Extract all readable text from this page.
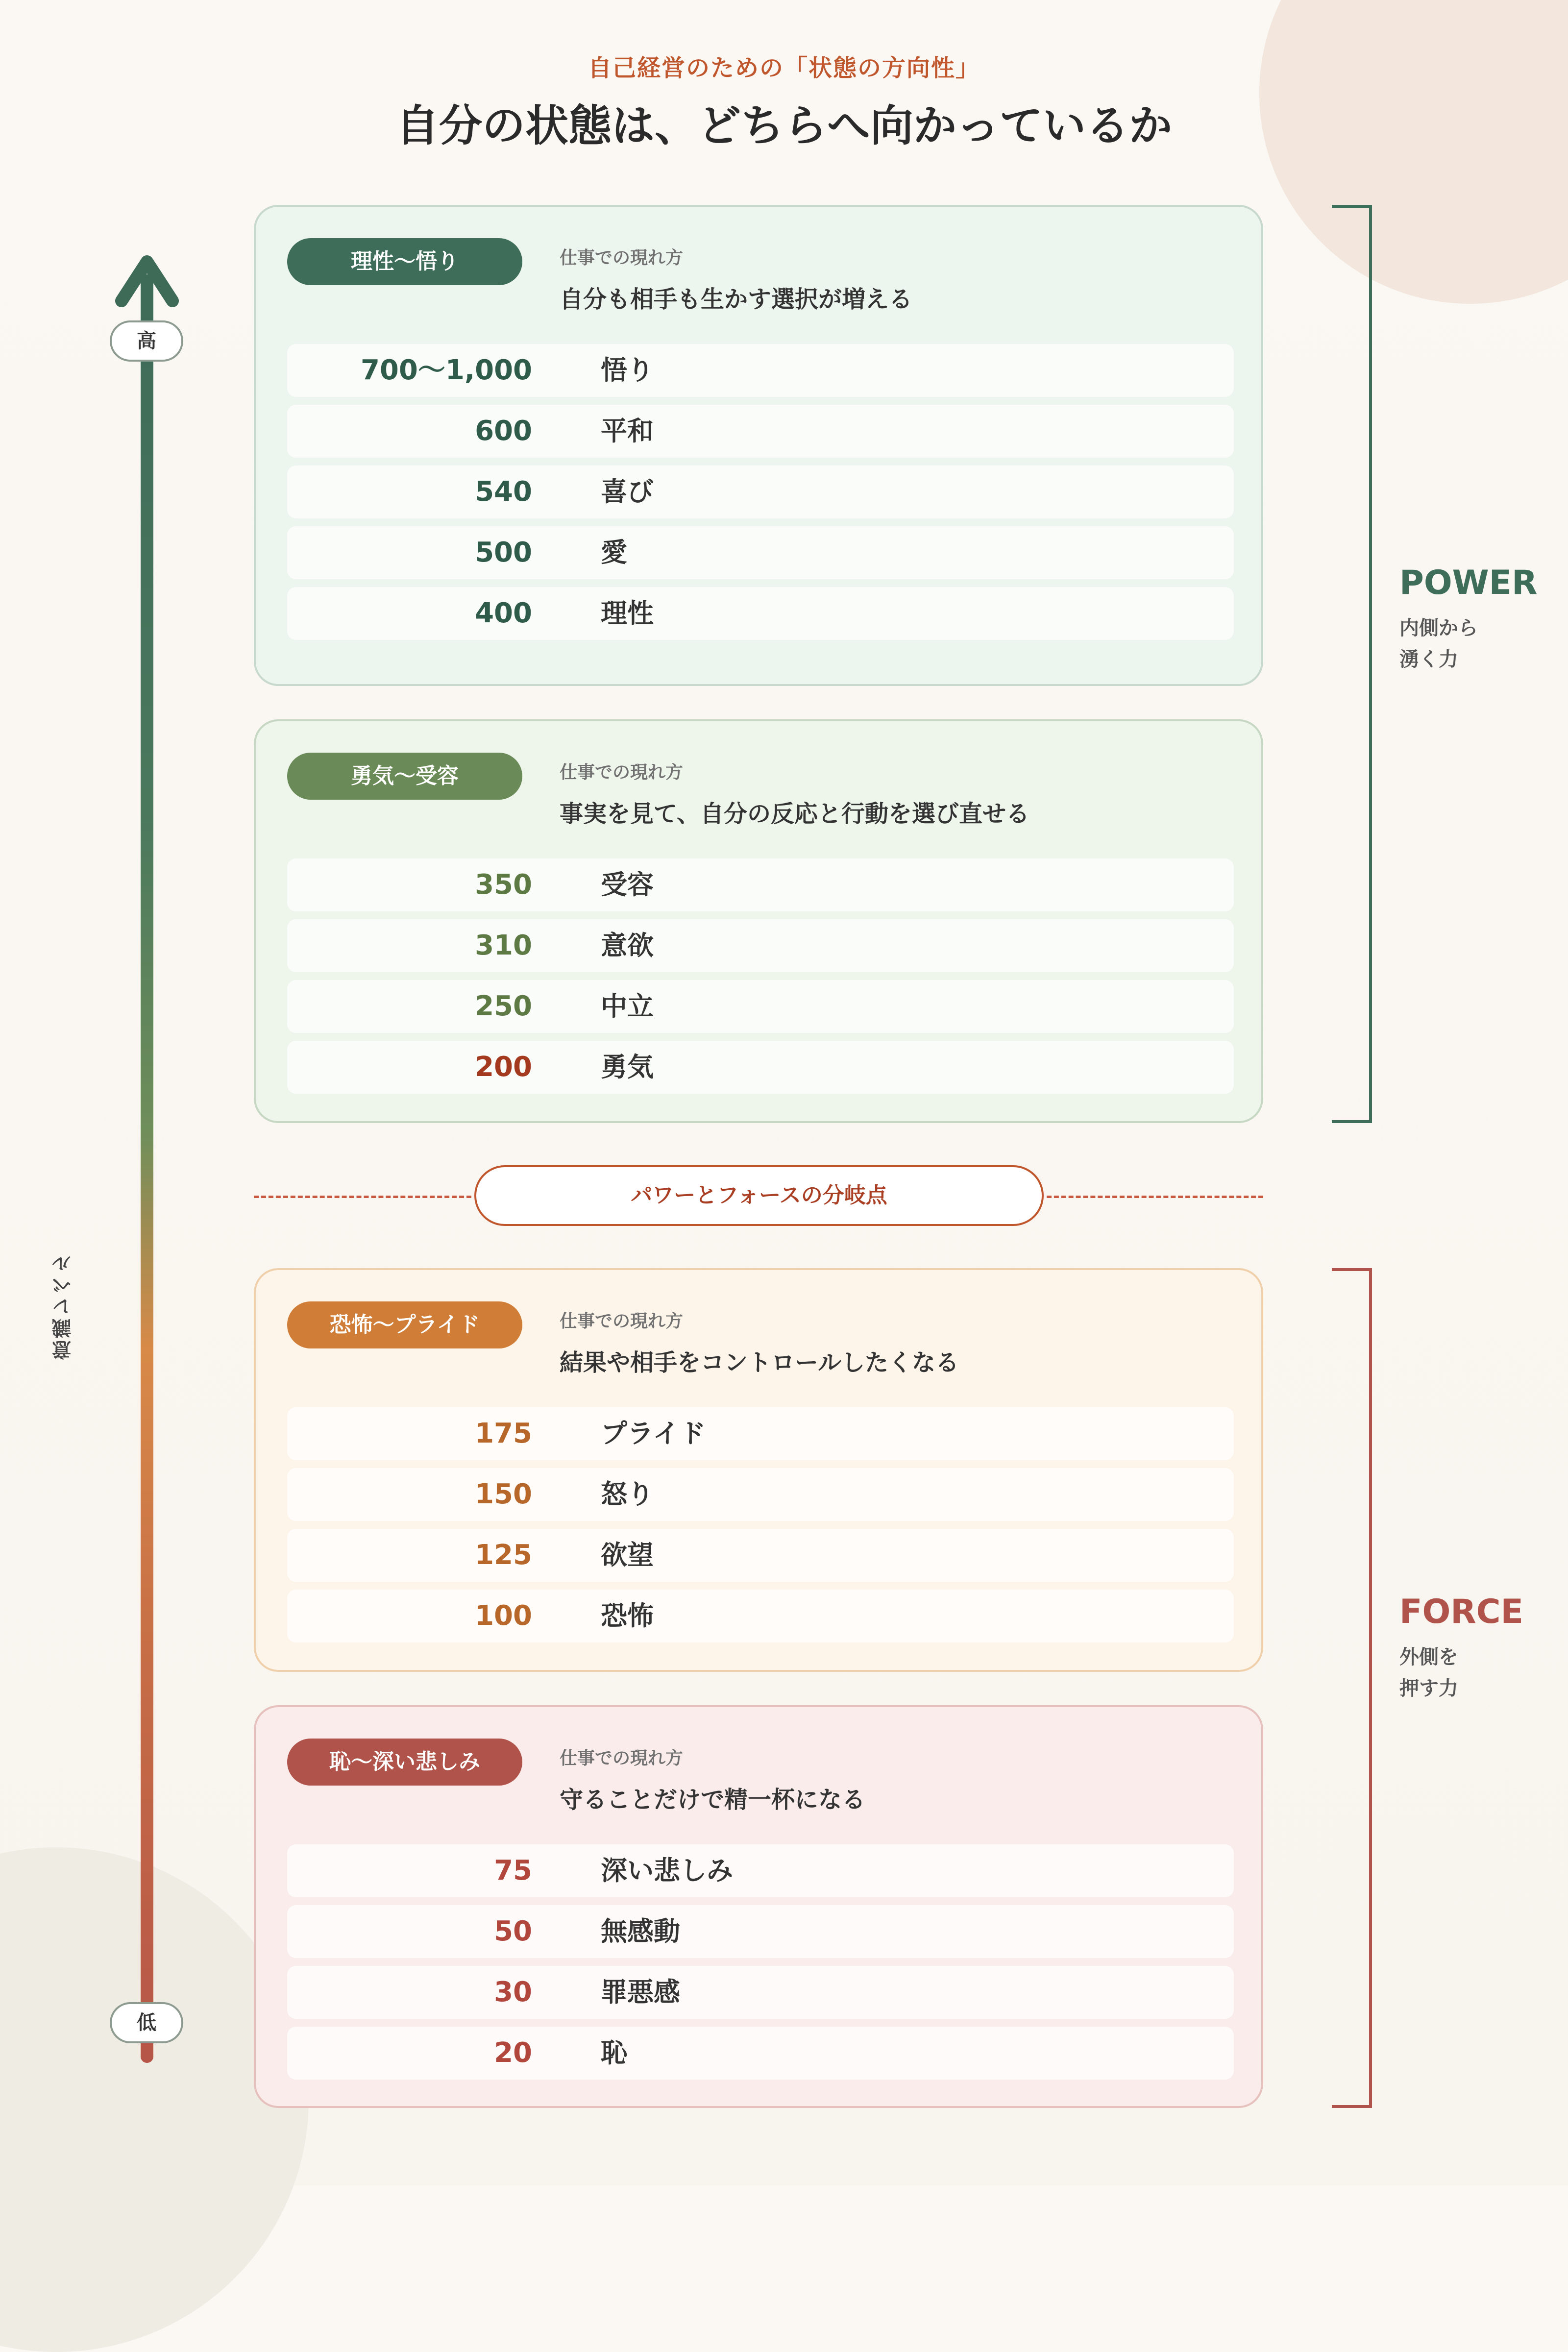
自己経営のための「状態の方向性」
自分の状態は、どちらへ向かっているか
高
低
意識レベル
理性〜悟り	仕事での現れ方
自分も相手も生かす選択が増える
700〜1,000	悟り
600	平和
540	喜び
500	愛
400	理性
勇気〜受容	仕事での現れ方
事実を見て、自分の反応と行動を選び直せる
350	受容
310	意欲
250	中立
200	勇気
パワーとフォースの分岐点
恐怖〜プライド	仕事での現れ方
結果や相手をコントロールしたくなる
175	プライド
150	怒り
125	欲望
100	恐怖
恥〜深い悲しみ	仕事での現れ方
守ることだけで精一杯になる
75	深い悲しみ
50	無感動
30	罪悪感
20	恥
POWER
内側から
湧く力
FORCE
外側を
押す力
